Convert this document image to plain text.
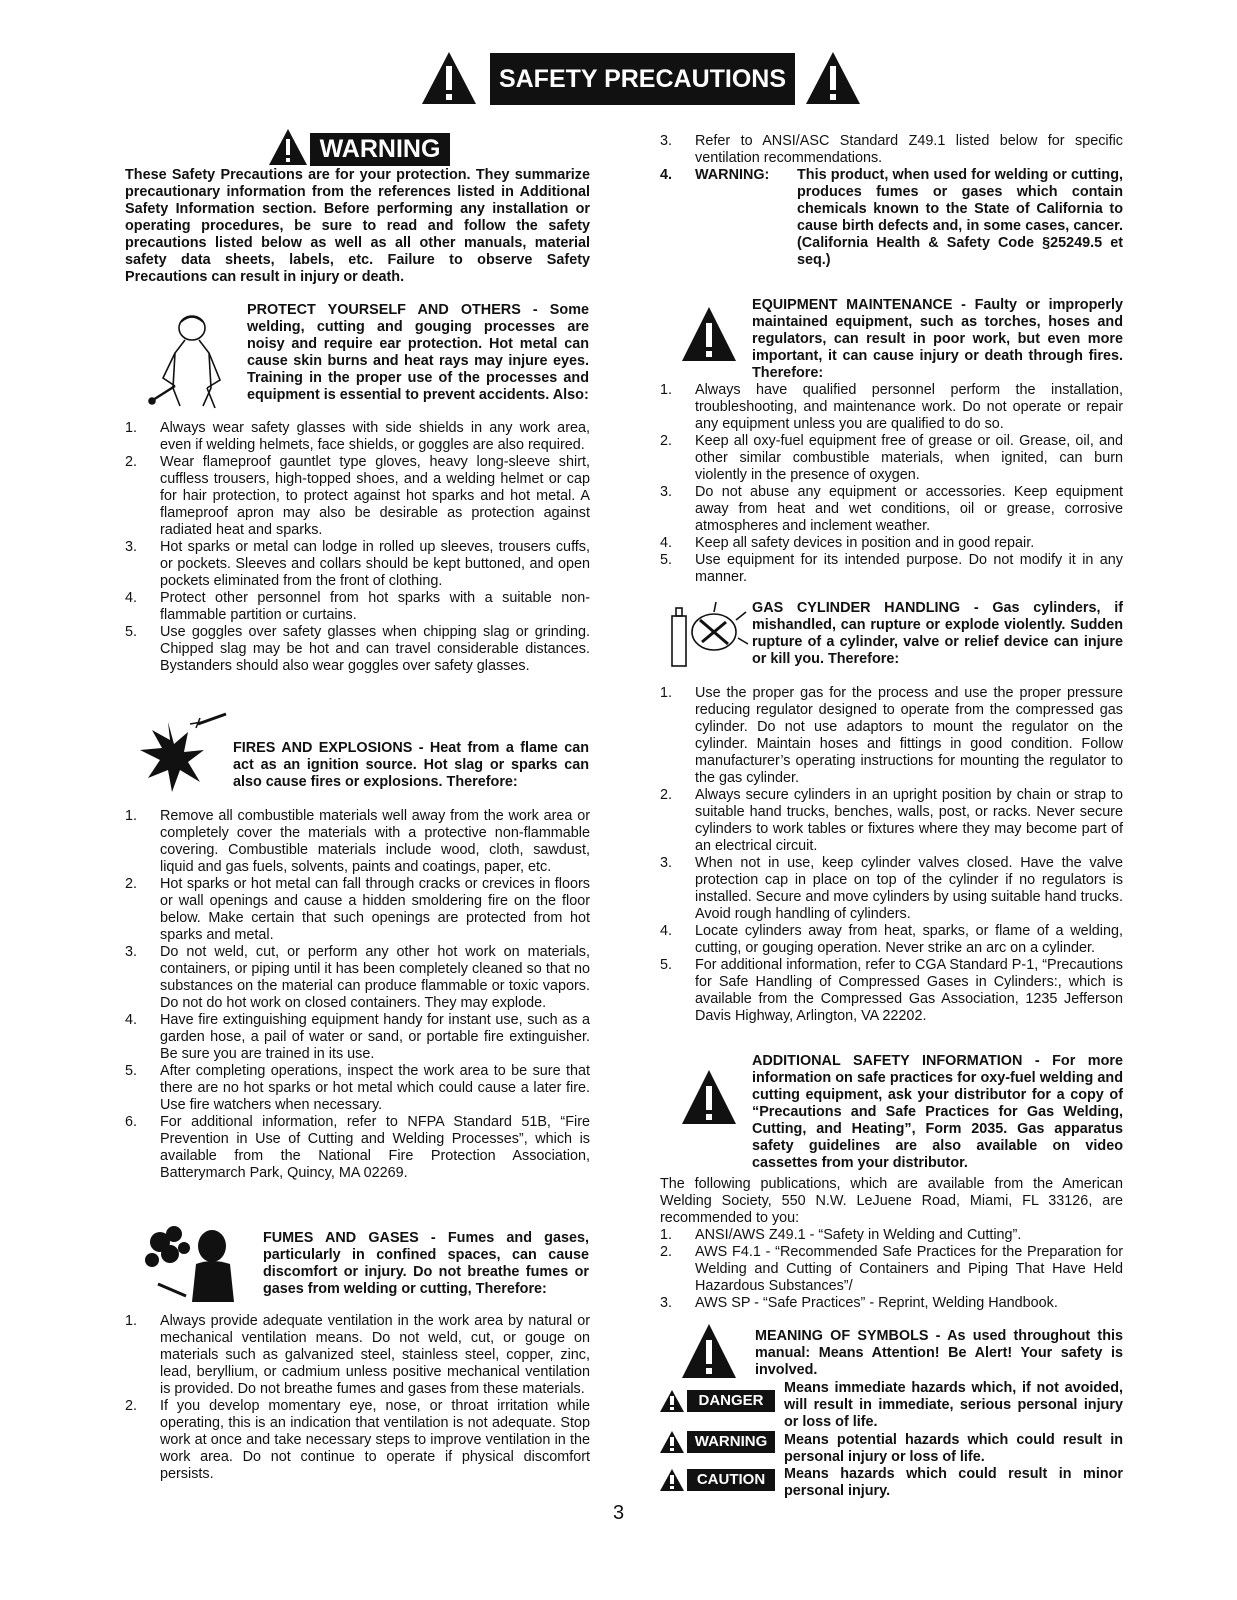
SAFETY PRECAUTIONS
WARNING
These Safety Precautions are for your protection. They summarize precautionary information from the references listed in Additional Safety Information section. Before performing any installation or operating procedures, be sure to read and follow the safety precautions listed below as well as all other manuals, material safety data sheets, labels, etc. Failure to observe Safety Precautions can result in injury or death.
PROTECT YOURSELF AND OTHERS - Some welding, cutting and gouging processes are noisy and require ear protection. Hot metal can cause skin burns and heat rays may injure eyes. Training in the proper use of the processes and equipment is essential to prevent accidents. Also:
1. Always wear safety glasses with side shields in any work area, even if welding helmets, face shields, or goggles are also required.
2. Wear flameproof gauntlet type gloves, heavy long-sleeve shirt, cuffless trousers, high-topped shoes, and a welding helmet or cap for hair protection, to protect against hot sparks and hot metal. A flameproof apron may also be desirable as protection against radiated heat and sparks.
3. Hot sparks or metal can lodge in rolled up sleeves, trousers cuffs, or pockets. Sleeves and collars should be kept buttoned, and open pockets eliminated from the front of clothing.
4. Protect other personnel from hot sparks with a suitable non-flammable partition or curtains.
5. Use goggles over safety glasses when chipping slag or grinding. Chipped slag may be hot and can travel considerable distances. Bystanders should also wear goggles over safety glasses.
FIRES AND EXPLOSIONS - Heat from a flame can act as an ignition source. Hot slag or sparks can also cause fires or explosions. Therefore:
1. Remove all combustible materials well away from the work area or completely cover the materials with a protective non-flammable covering. Combustible materials include wood, cloth, sawdust, liquid and gas fuels, solvents, paints and coatings, paper, etc.
2. Hot sparks or hot metal can fall through cracks or crevices in floors or wall openings and cause a hidden smoldering fire on the floor below. Make certain that such openings are protected from hot sparks and metal.
3. Do not weld, cut, or perform any other hot work on materials, containers, or piping until it has been completely cleaned so that no substances on the material can produce flammable or toxic vapors. Do not do hot work on closed containers. They may explode.
4. Have fire extinguishing equipment handy for instant use, such as a garden hose, a pail of water or sand, or portable fire extinguisher. Be sure you are trained in its use.
5. After completing operations, inspect the work area to be sure that there are no hot sparks or hot metal which could cause a later fire. Use fire watchers when necessary.
6. For additional information, refer to NFPA Standard 51B, “Fire Prevention in Use of Cutting and Welding Processes”, which is available from the National Fire Protection Association, Batterymarch Park, Quincy, MA 02269.
FUMES AND GASES - Fumes and gases, particularly in confined spaces, can cause discomfort or injury. Do not breathe fumes or gases from welding or cutting, Therefore:
1. Always provide adequate ventilation in the work area by natural or mechanical ventilation means. Do not weld, cut, or gouge on materials such as galvanized steel, stainless steel, copper, zinc, lead, beryllium, or cadmium unless positive mechanical ventilation is provided. Do not breathe fumes and gases from these materials.
2. If you develop momentary eye, nose, or throat irritation while operating, this is an indication that ventilation is not adequate. Stop work at once and take necessary steps to improve ventilation in the work area. Do not continue to operate if physical discomfort persists.
3. Refer to ANSI/ASC Standard Z49.1 listed below for specific ventilation recommendations.
4. WARNING: This product, when used for welding or cutting, produces fumes or gases which contain chemicals known to the State of California to cause birth defects and, in some cases, cancer. (California Health & Safety Code §25249.5 et seq.)
EQUIPMENT MAINTENANCE - Faulty or improperly maintained equipment, such as torches, hoses and regulators, can result in poor work, but even more important, it can cause injury or death through fires. Therefore:
1. Always have qualified personnel perform the installation, troubleshooting, and maintenance work. Do not operate or repair any equipment unless you are qualified to do so.
2. Keep all oxy-fuel equipment free of grease or oil. Grease, oil, and other similar combustible materials, when ignited, can burn violently in the presence of oxygen.
3. Do not abuse any equipment or accessories. Keep equipment away from heat and wet conditions, oil or grease, corrosive atmospheres and inclement weather.
4. Keep all safety devices in position and in good repair.
5. Use equipment for its intended purpose. Do not modify it in any manner.
GAS CYLINDER HANDLING - Gas cylinders, if mishandled, can rupture or explode violently. Sudden rupture of a cylinder, valve or relief device can injure or kill you. Therefore:
1. Use the proper gas for the process and use the proper pressure reducing regulator designed to operate from the compressed gas cylinder. Do not use adaptors to mount the regulator on the cylinder. Maintain hoses and fittings in good condition. Follow manufacturer’s operating instructions for mounting the regulator to the gas cylinder.
2. Always secure cylinders in an upright position by chain or strap to suitable hand trucks, benches, walls, post, or racks. Never secure cylinders to work tables or fixtures where they may become part of an electrical circuit.
3. When not in use, keep cylinder valves closed. Have the valve protection cap in place on top of the cylinder if no regulators is installed. Secure and move cylinders by using suitable hand trucks. Avoid rough handling of cylinders.
4. Locate cylinders away from heat, sparks, or flame of a welding, cutting, or gouging operation. Never strike an arc on a cylinder.
5. For additional information, refer to CGA Standard P-1, “Precautions for Safe Handling of Compressed Gases in Cylinders:, which is available from the Compressed Gas Association, 1235 Jefferson Davis Highway, Arlington, VA 22202.
ADDITIONAL SAFETY INFORMATION - For more information on safe practices for oxy-fuel welding and cutting equipment, ask your distributor for a copy of “Precautions and Safe Practices for Gas Welding, Cutting, and Heating”, Form 2035. Gas apparatus safety guidelines are also available on video cassettes from your distributor.
The following publications, which are available from the American Welding Society, 550 N.W. LeJuene Road, Miami, FL 33126, are recommended to you:
1. ANSI/AWS Z49.1 - “Safety in Welding and Cutting”.
2. AWS F4.1 - “Recommended Safe Practices for the Preparation for Welding and Cutting of Containers and Piping That Have Held Hazardous Substances”/
3. AWS SP - “Safe Practices” - Reprint, Welding Handbook.
MEANING OF SYMBOLS - As used throughout this manual: Means Attention! Be Alert! Your safety is involved.
DANGER
Means immediate hazards which, if not avoided, will result in immediate, serious personal injury or loss of life.
WARNING	Means potential hazards which could result in personal injury or loss of life.
CAUTION	Means hazards which could result in minor personal injury.
3
